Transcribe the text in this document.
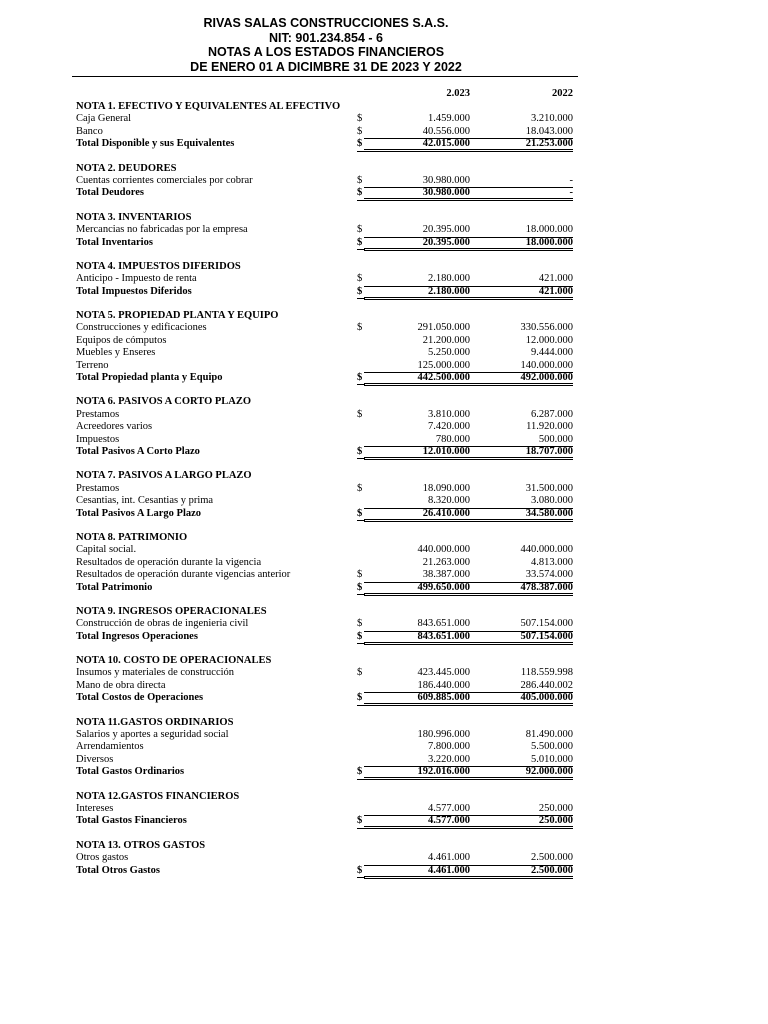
RIVAS SALAS CONSTRUCCIONES S.A.S.
NIT: 901.234.854 - 6
NOTAS A LOS ESTADOS FINANCIEROS
DE ENERO 01 A DICIMBRE 31 DE 2023 Y 2022
2.023	2022
NOTA 1. EFECTIVO Y EQUIVALENTES AL EFECTIVO
Caja General	$	1.459.000	3.210.000
Banco	$	40.556.000	18.043.000
Total Disponible y sus Equivalentes	$	42.015.000	21.253.000
NOTA 2. DEUDORES
Cuentas corrientes comerciales por cobrar	$	30.980.000	-
Total Deudores	$	30.980.000	-
NOTA 3. INVENTARIOS
Mercancias no fabricadas por la empresa	$	20.395.000	18.000.000
Total Inventarios	$	20.395.000	18.000.000
NOTA 4. IMPUESTOS DIFERIDOS
Anticipo - Impuesto de renta	$	2.180.000	421.000
Total Impuestos Diferidos	$	2.180.000	421.000
NOTA 5. PROPIEDAD PLANTA Y EQUIPO
Construcciones y edificaciones	$	291.050.000	330.556.000
Equipos de cómputos	21.200.000	12.000.000
Muebles y Enseres	5.250.000	9.444.000
Terreno	125.000.000	140.000.000
Total Propiedad planta y Equipo	$	442.500.000	492.000.000
NOTA 6. PASIVOS A CORTO PLAZO
Prestamos	$	3.810.000	6.287.000
Acreedores varios	7.420.000	11.920.000
Impuestos	780.000	500.000
Total Pasivos A Corto Plazo	$	12.010.000	18.707.000
NOTA 7. PASIVOS A LARGO PLAZO
Prestamos	$	18.090.000	31.500.000
Cesantias, int. Cesantias y prima	8.320.000	3.080.000
Total Pasivos A Largo Plazo	$	26.410.000	34.580.000
NOTA 8. PATRIMONIO
Capital social.	440.000.000	440.000.000
Resultados de operación durante la vigencia	21.263.000	4.813.000
Resultados de operación durante vigencias anterior	$	38.387.000	33.574.000
Total Patrimonio	$	499.650.000	478.387.000
NOTA 9. INGRESOS OPERACIONALES
Construcción de obras de ingenieria civil	$	843.651.000	507.154.000
Total Ingresos Operaciones	$	843.651.000	507.154.000
NOTA 10. COSTO DE OPERACIONALES
Insumos y materiales de construcción	$	423.445.000	118.559.998
Mano de obra directa	186.440.000	286.440.002
Total Costos de Operaciones	$	609.885.000	405.000.000
NOTA 11.GASTOS ORDINARIOS
Salarios y aportes a seguridad social	180.996.000	81.490.000
Arrendamientos	7.800.000	5.500.000
Diversos	3.220.000	5.010.000
Total Gastos Ordinarios	$	192.016.000	92.000.000
NOTA 12.GASTOS FINANCIEROS
Intereses	4.577.000	250.000
Total Gastos Financieros	$	4.577.000	250.000
NOTA 13. OTROS GASTOS
Otros gastos	4.461.000	2.500.000
Total Otros Gastos	$	4.461.000	2.500.000
